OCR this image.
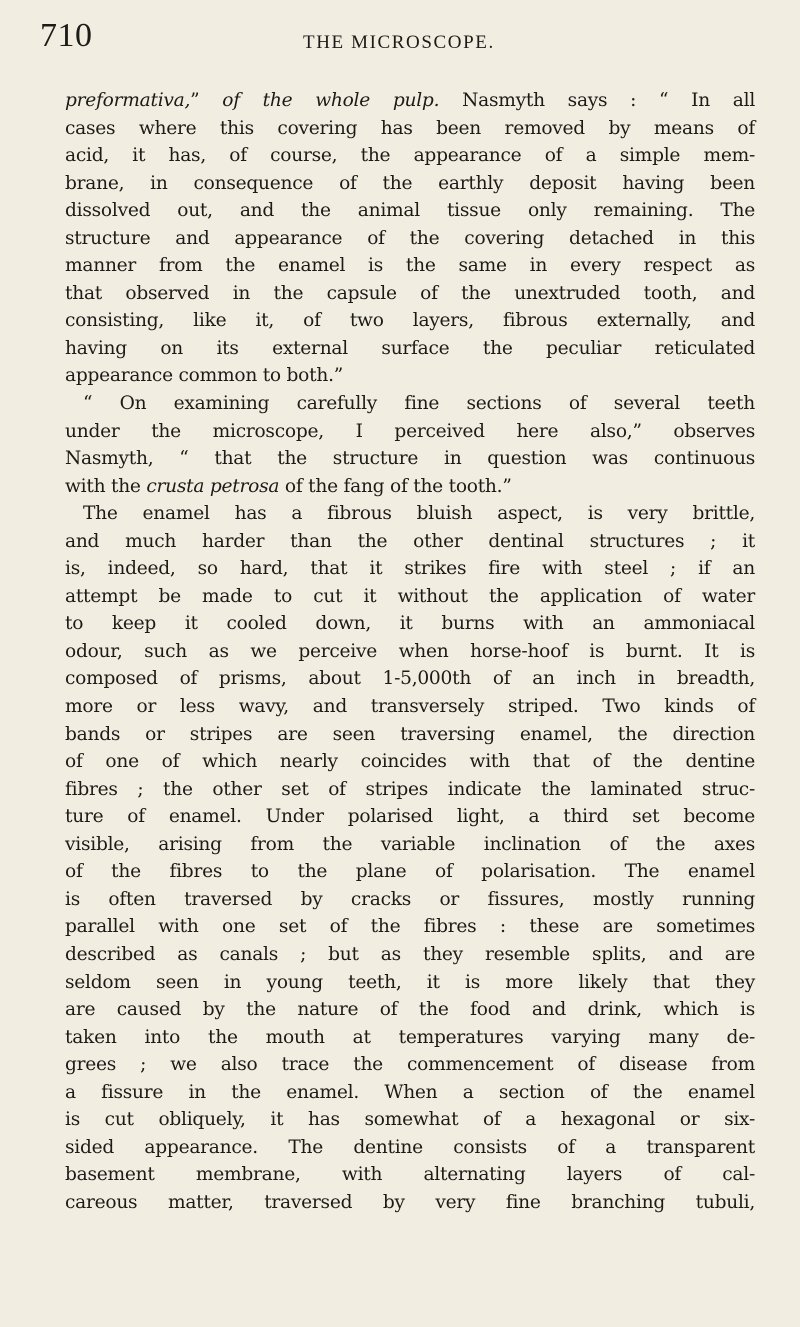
710	THE MICROSCOPE.
preformativa,” of the whole pulp. Nasmyth says : “ In all
cases where this covering has been removed by means of
acid, it has, of course, the appearance of a simple mem-
brane, in consequence of the earthly deposit having been
dissolved out, and the animal tissue only remaining. The
structure and appearance of the covering detached in this
manner from the enamel is the same in every respect as
that observed in the capsule of the unextruded tooth, and
consisting, like it, of two layers, fibrous externally, and
having on its external surface the peculiar reticulated
appearance common to both.”
“ On examining carefully fine sections of several teeth
under the microscope, I perceived here also,” observes
Nasmyth, “ that the structure in question was continuous
with the crusta petrosa of the fang of the tooth.”
The enamel has a fibrous bluish aspect, is very brittle,
and much harder than the other dentinal structures ; it
is, indeed, so hard, that it strikes fire with steel ; if an
attempt be made to cut it without the application of water
to keep it cooled down, it burns with an ammoniacal
odour, such as we perceive when horse-hoof is burnt. It is
composed of prisms, about 1-5,000th of an inch in breadth,
more or less wavy, and transversely striped. Two kinds of
bands or stripes are seen traversing enamel, the direction
of one of which nearly coincides with that of the dentine
fibres ; the other set of stripes indicate the laminated struc-
ture of enamel. Under polarised light, a third set become
visible, arising from the variable inclination of the axes
of the fibres to the plane of polarisation. The enamel
is often traversed by cracks or fissures, mostly running
parallel with one set of the fibres : these are sometimes
described as canals ; but as they resemble splits, and are
seldom seen in young teeth, it is more likely that they
are caused by the nature of the food and drink, which is
taken into the mouth at temperatures varying many de-
grees ; we also trace the commencement of disease from
a fissure in the enamel. When a section of the enamel
is cut obliquely, it has somewhat of a hexagonal or six-
sided appearance. The dentine consists of a transparent
basement membrane, with alternating layers of cal-
careous matter, traversed by very fine branching tubuli,
